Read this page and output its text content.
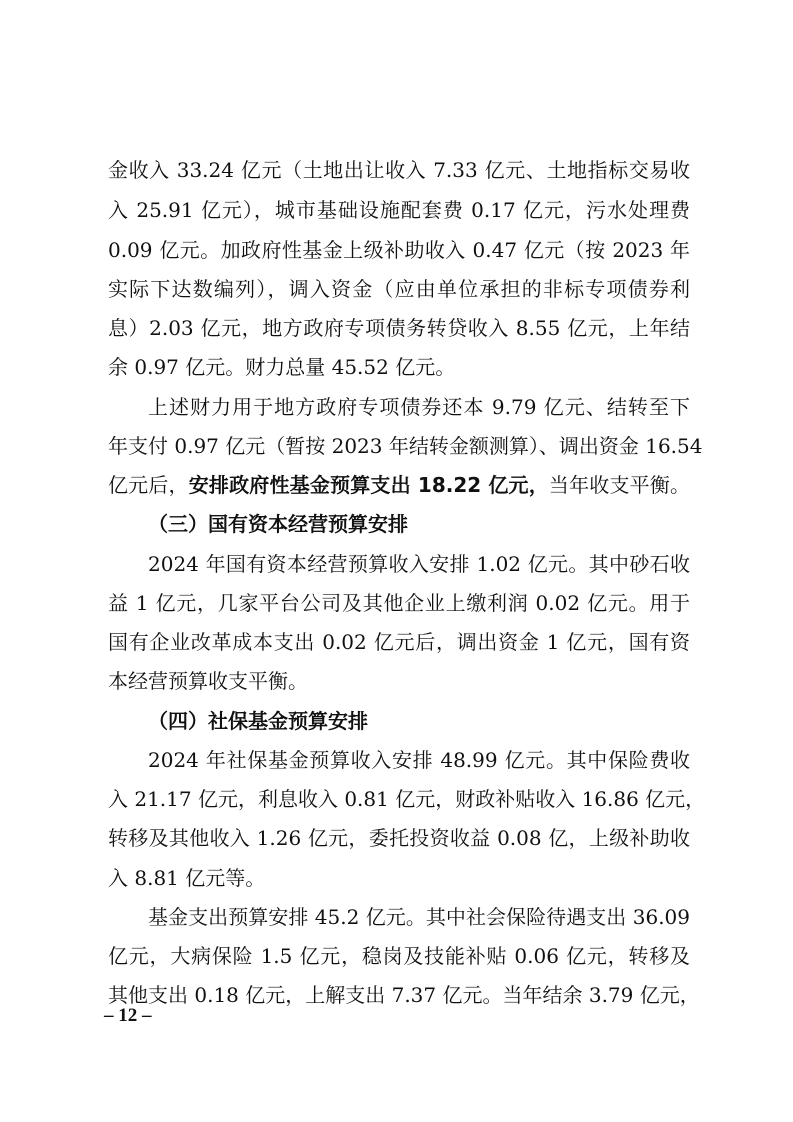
金收入 33.24 亿元（土地出让收入 7.33 亿元、土地指标交易收
入 25.91 亿元），城市基础设施配套费 0.17 亿元，污水处理费
0.09 亿元。加政府性基金上级补助收入 0.47 亿元（按 2023 年
实际下达数编列），调入资金（应由单位承担的非标专项债券利
息）2.03 亿元，地方政府专项债务转贷收入 8.55 亿元，上年结
余 0.97 亿元。财力总量 45.52 亿元。
上述财力用于地方政府专项债券还本 9.79 亿元、结转至下
年支付 0.97 亿元（暂按 2023 年结转金额测算）、调出资金 16.54
亿元后，安排政府性基金预算支出 18.22 亿元，当年收支平衡。
（三）国有资本经营预算安排
2024 年国有资本经营预算收入安排 1.02 亿元。其中砂石收
益 1 亿元，几家平台公司及其他企业上缴利润 0.02 亿元。用于
国有企业改革成本支出 0.02 亿元后，调出资金 1 亿元，国有资
本经营预算收支平衡。
（四）社保基金预算安排
2024 年社保基金预算收入安排 48.99 亿元。其中保险费收
入 21.17 亿元，利息收入 0.81 亿元，财政补贴收入 16.86 亿元，
转移及其他收入 1.26 亿元，委托投资收益 0.08 亿，上级补助收
入 8.81 亿元等。
基金支出预算安排 45.2 亿元。其中社会保险待遇支出 36.09
亿元，大病保险 1.5 亿元，稳岗及技能补贴 0.06 亿元，转移及
其他支出 0.18 亿元，上解支出 7.37 亿元。当年结余 3.79 亿元，
– 12 –
